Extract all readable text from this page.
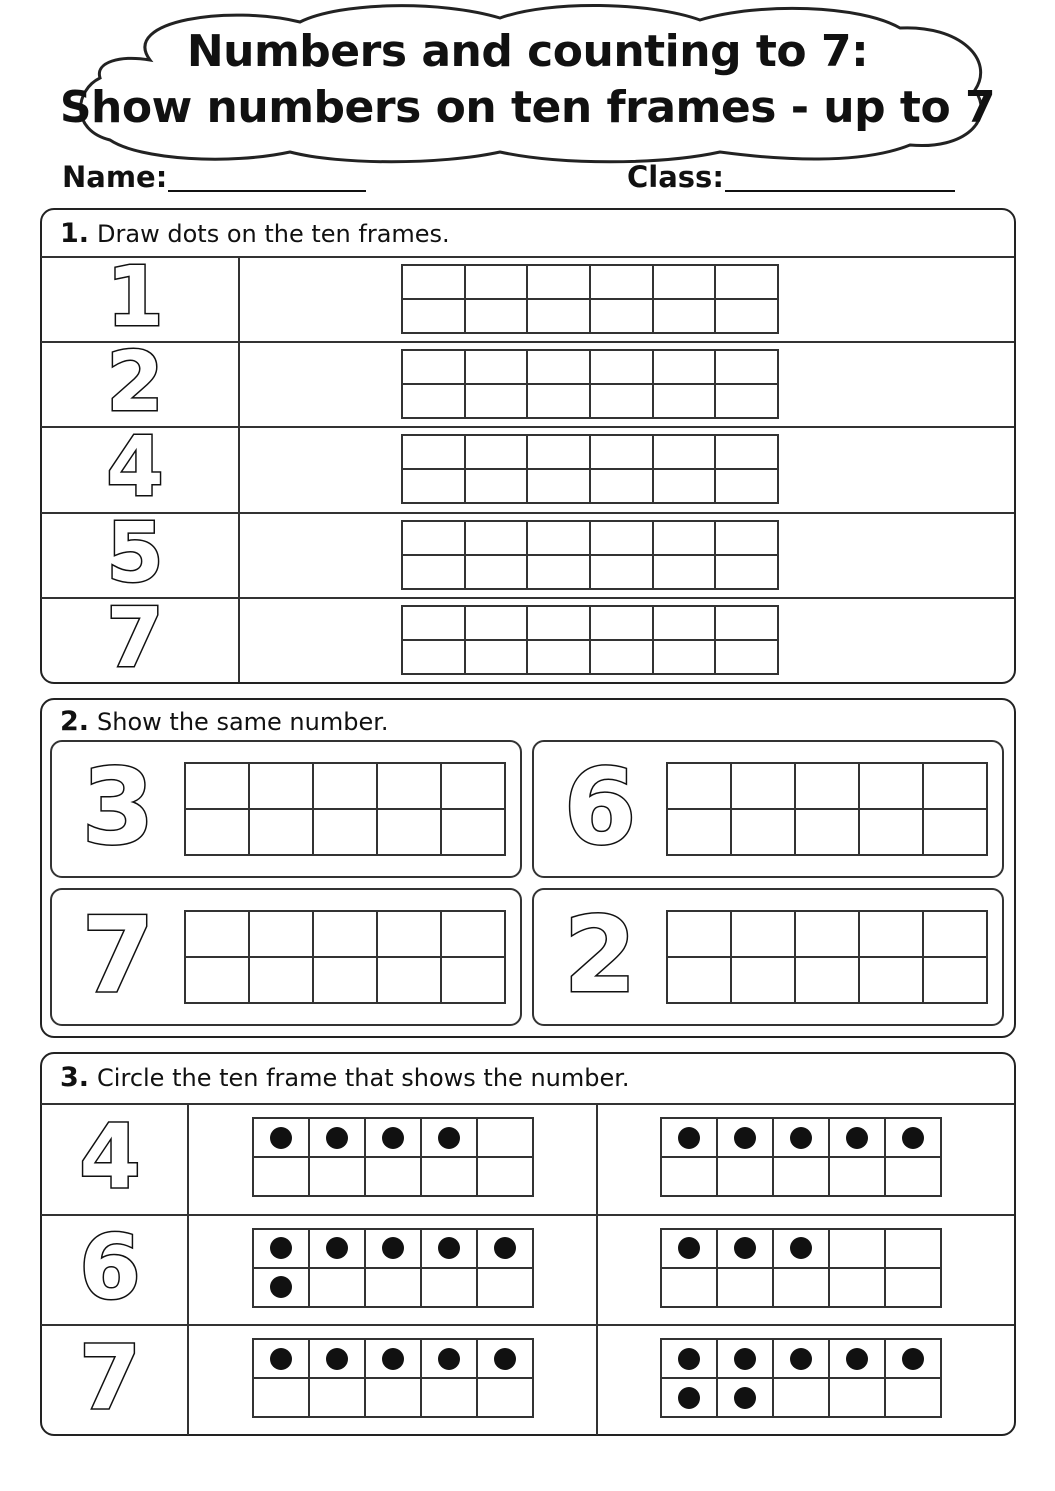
Numbers and counting to 7:
Show numbers on ten frames - up to 7
Name:	Class:
1. Draw dots on the ten frames.
2. Show the same number.
3. Circle the ten frame that shows the number.
1
2
4
5
7
3	6
7	2
4
6
7
